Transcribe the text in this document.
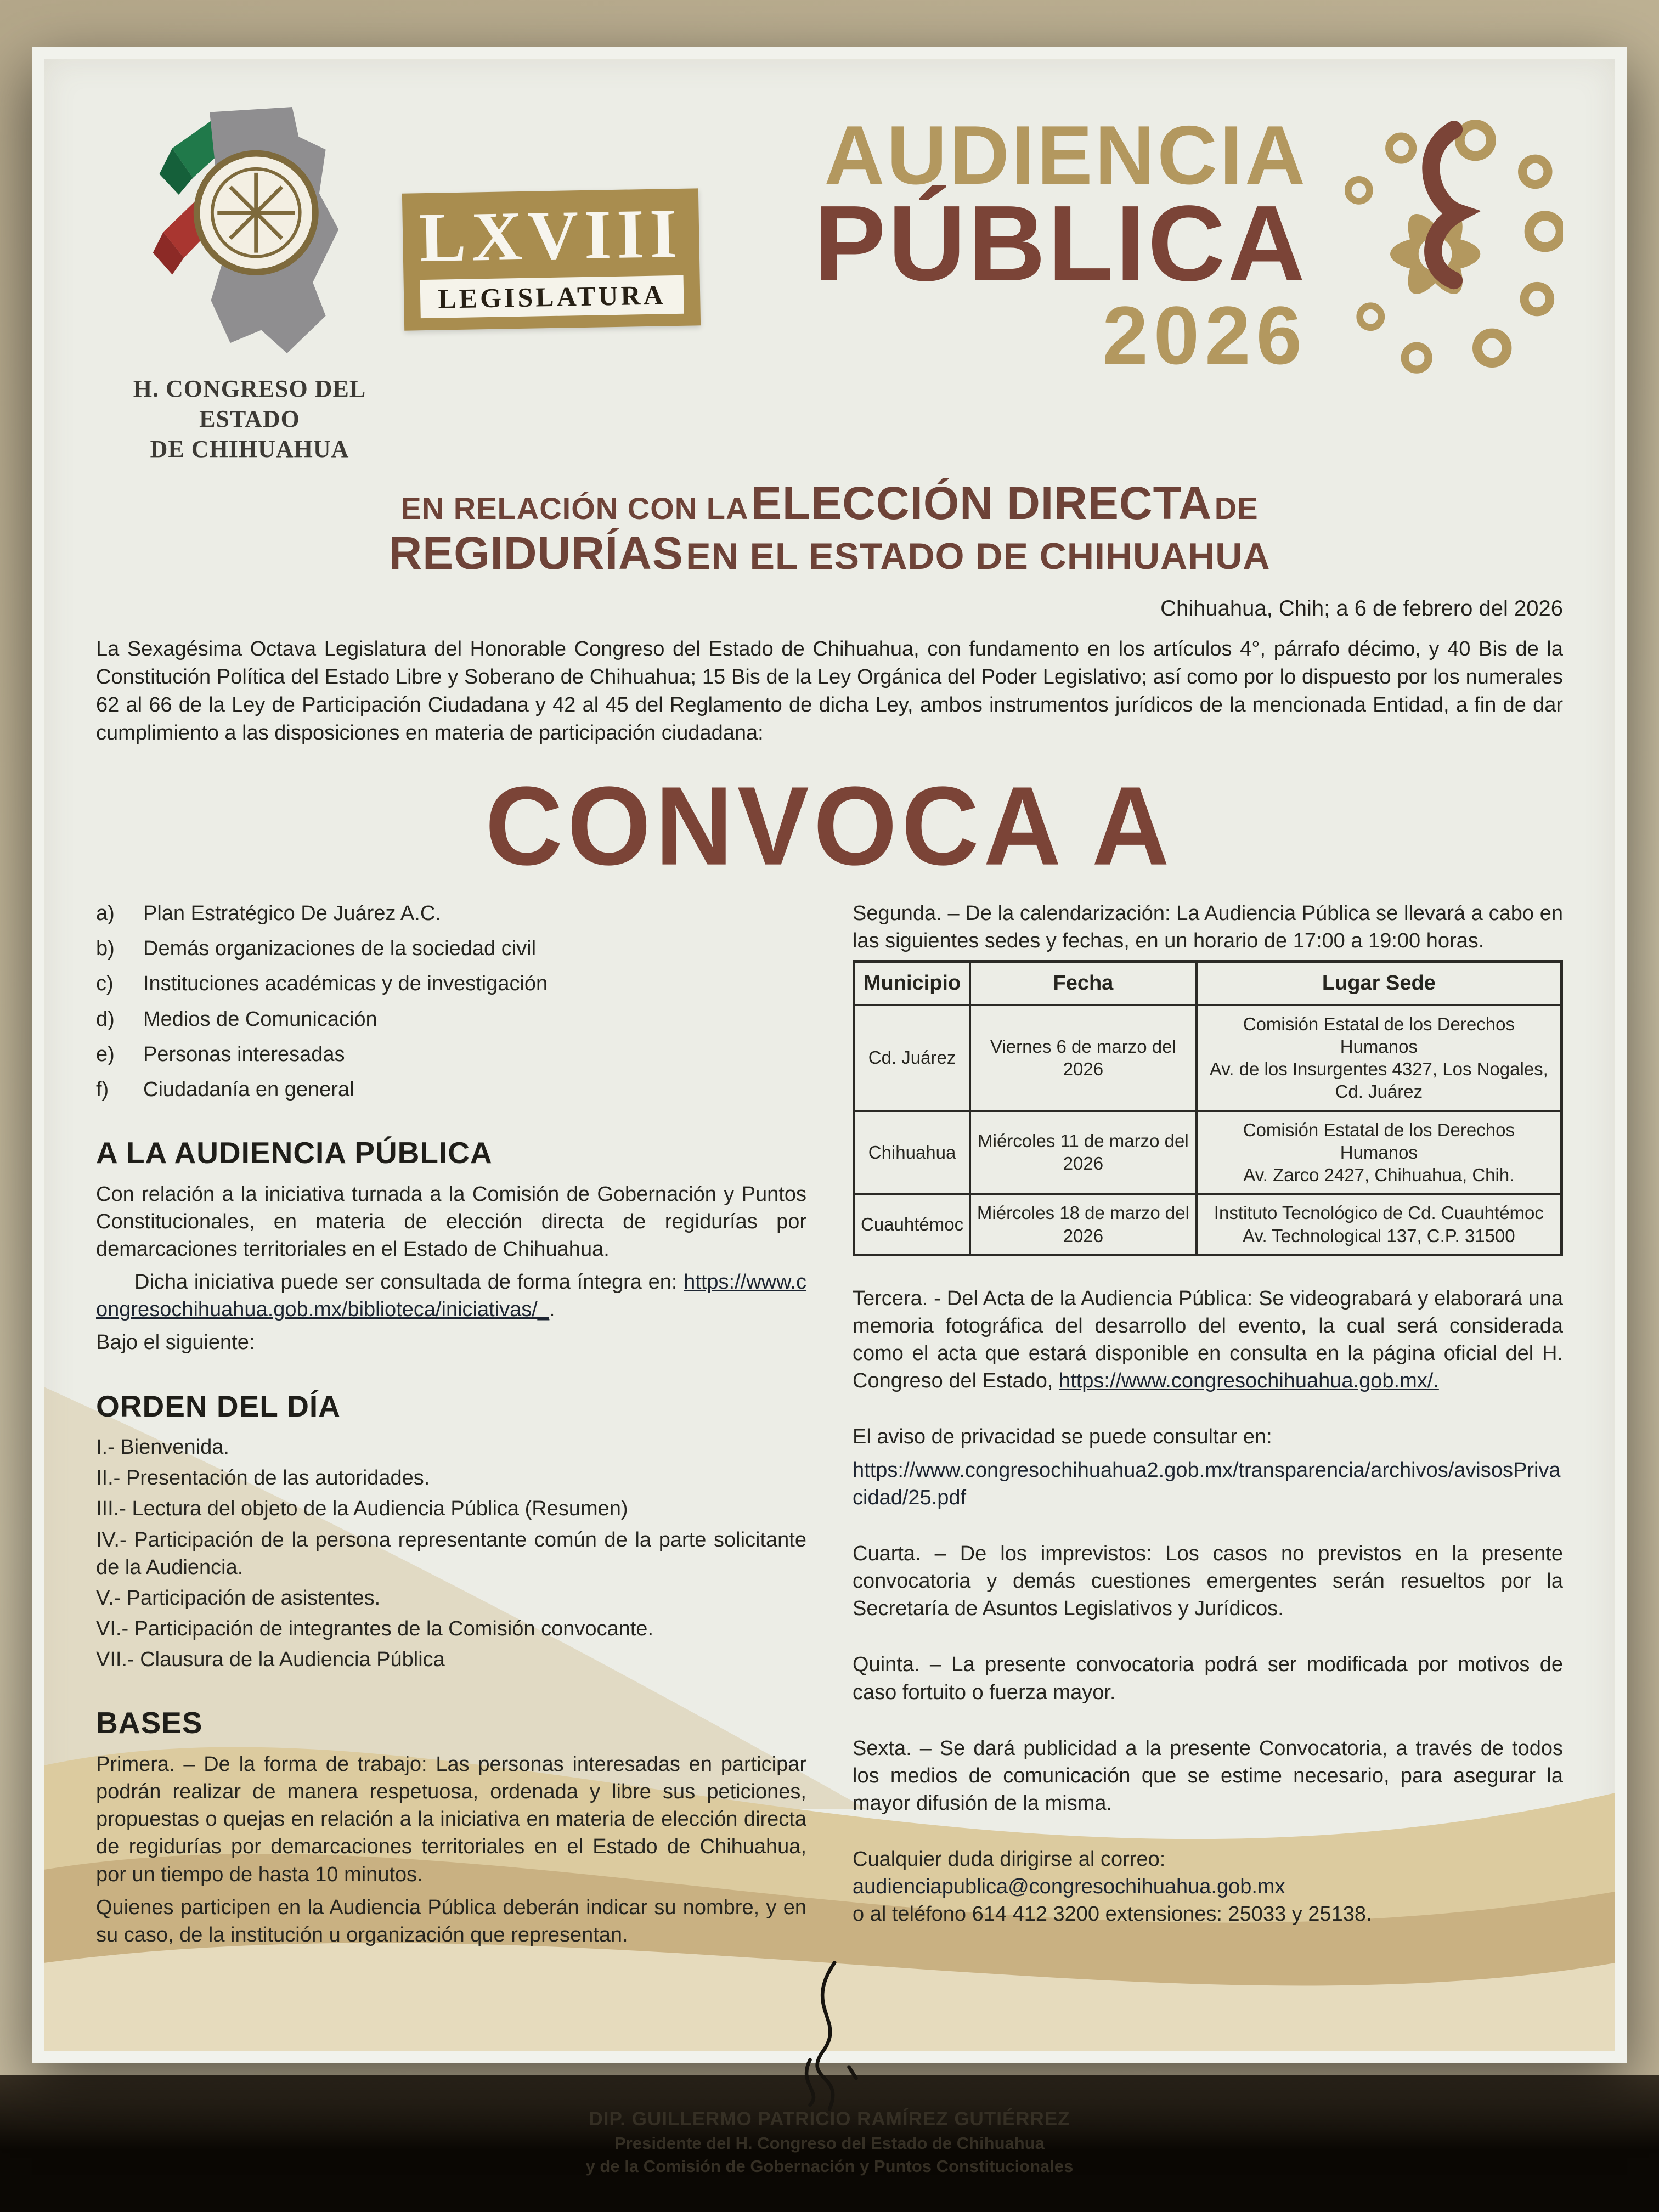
H. CONGRESO DEL ESTADO
DE CHIHUAHUA
LXVIII
LEGISLATURA
AUDIENCIA
PÚBLICA
2026
EN RELACIÓN CON LA ELECCIÓN DIRECTA DE
REGIDURÍAS EN EL ESTADO DE CHIHUAHUA
Chihuahua, Chih; a 6 de febrero del 2026

La Sexagésima Octava Legislatura del Honorable Congreso del Estado de Chihuahua, con fundamento en los artículos 4°, párrafo décimo, y 40 Bis de la Constitución Política del Estado Libre y Soberano de Chihuahua; 15 Bis de la Ley Orgánica del Poder Legislativo; así como por lo dispuesto por los numerales 62 al 66 de la Ley de Participación Ciudadana y 42 al 45 del Reglamento de dicha Ley, ambos instrumentos jurídicos de la mencionada Entidad, a fin de dar cumplimiento a las disposiciones en materia de participación ciudadana:

CONVOCA A
a)	Plan Estratégico De Juárez A.C.
b)	Demás organizaciones de la sociedad civil
c)	Instituciones académicas y de investigación
d)	Medios de Comunicación
e)	Personas interesadas
f)	Ciudadanía en general
A LA AUDIENCIA PÚBLICA

Con relación a la iniciativa turnada a la Comisión de Gobernación y Puntos Constitucionales, en materia de elección directa de regidurías por demarcaciones territoriales en el Estado de Chihuahua.

Dicha iniciativa puede ser consultada de forma íntegra en: https://www.congresochihuahua.gob.mx/biblioteca/iniciativas/_.

Bajo el siguiente:

ORDEN DEL DÍA
I.- Bienvenida.
II.- Presentación de las autoridades.
III.- Lectura del objeto de la Audiencia Pública (Resumen)
IV.- Participación de la persona representante común de la parte solicitante de la Audiencia.
V.- Participación de asistentes.
VI.- Participación de integrantes de la Comisión convocante.
VII.- Clausura de la Audiencia Pública
BASES

Primera. – De la forma de trabajo: Las personas interesadas en participar podrán realizar de manera respetuosa, ordenada y libre sus peticiones, propuestas o quejas en relación a la iniciativa en materia de elección directa de regidurías por demarcaciones territoriales en el Estado de Chihuahua, por un tiempo de hasta 10 minutos.

Quienes participen en la Audiencia Pública deberán indicar su nombre, y en su caso, de la institución u organización que representan.

Segunda. – De la calendarización: La Audiencia Pública se llevará a cabo en las siguientes sedes y fechas, en un horario de 17:00 a 19:00 horas.

Municipio	Fecha	Lugar Sede
Cd. Juárez	Viernes 6 de marzo del 2026	Comisión Estatal de los Derechos Humanos
Av. de los Insurgentes 4327, Los Nogales, Cd. Juárez

Chihuahua	Miércoles 11 de marzo del 2026	Comisión Estatal de los Derechos Humanos
Av. Zarco 2427, Chihuahua, Chih.

Cuauhtémoc	Miércoles 18 de marzo del 2026	Instituto Tecnológico de Cd. Cuauhtémoc
Av. Technological 137, C.P. 31500

Tercera. - Del Acta de la Audiencia Pública: Se videograbará y elaborará una memoria fotográfica del desarrollo del evento, la cual será considerada como el acta que estará disponible en consulta en la página oficial del H. Congreso del Estado, https://www.congresochihuahua.gob.mx/.

El aviso de privacidad se puede consultar en:

https://www.congresochihuahua2.gob.mx/transparencia/archivos/avisosPrivacidad/25.pdf

Cuarta. – De los imprevistos: Los casos no previstos en la presente convocatoria y demás cuestiones emergentes serán resueltos por la Secretaría de Asuntos Legislativos y Jurídicos.

Quinta. – La presente convocatoria podrá ser modificada por motivos de caso fortuito o fuerza mayor.

Sexta. – Se dará publicidad a la presente Convocatoria, a través de todos los medios de comunicación que se estime necesario, para asegurar la mayor difusión de la misma.

Cualquier duda dirigirse al correo:

audienciapublica@congresochihuahua.gob.mx

o al teléfono 614 412 3200 extensiones: 25033 y 25138.

DIP. GUILLERMO PATRICIO RAMÍREZ GUTIÉRREZ
Presidente del H. Congreso del Estado de Chihuahua
y de la Comisión de Gobernación y Puntos Constitucionales
